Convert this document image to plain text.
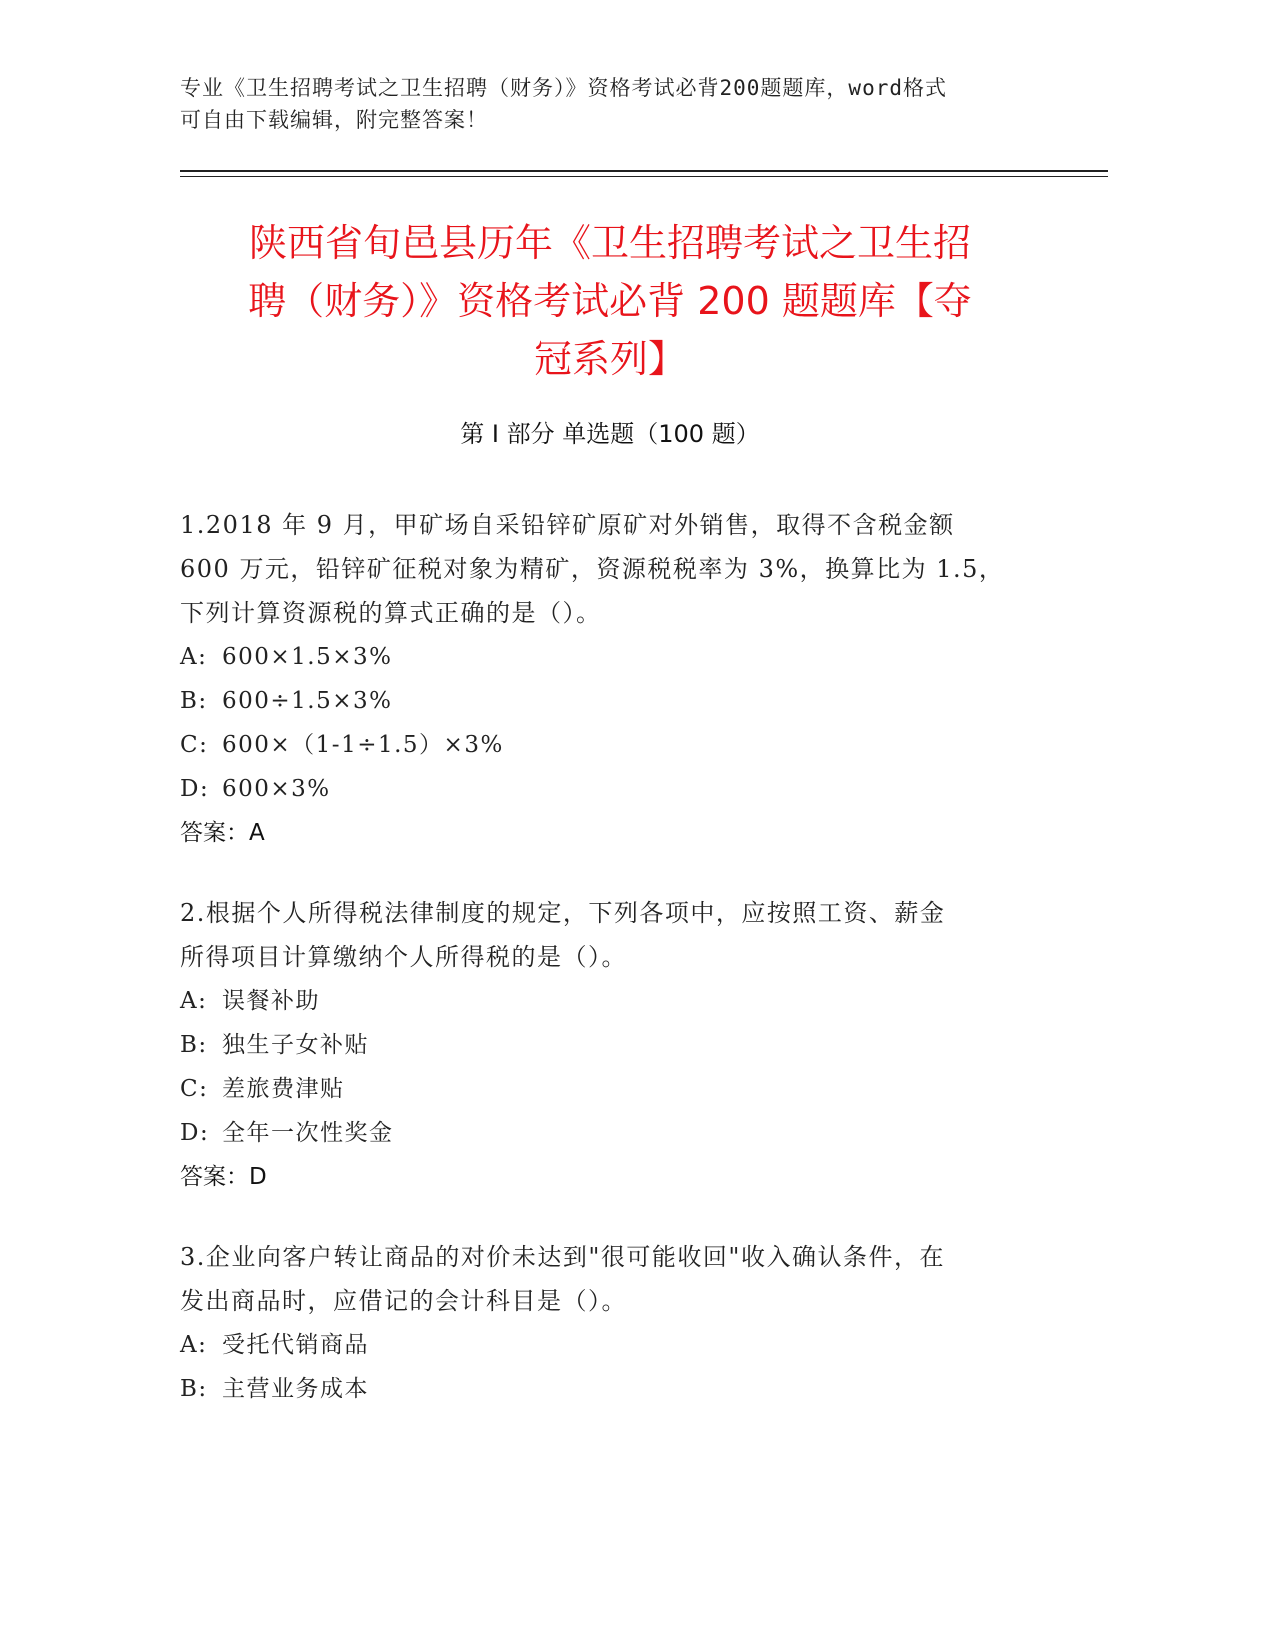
专业《卫生招聘考试之卫生招聘（财务）》资格考试必背200题题库，word格式
可自由下载编辑，附完整答案！
陕西省旬邑县历年《卫生招聘考试之卫生招
聘（财务）》资格考试必背 200 题题库【夺
冠系列】
第 I 部分 单选题（100 题）
1.2018 年 9 月，甲矿场自采铅锌矿原矿对外销售，取得不含税金额
600 万元，铅锌矿征税对象为精矿，资源税税率为 3%，换算比为 1.5，
下列计算资源税的算式正确的是（）。
A: 600×1.5×3%
B: 600÷1.5×3%
C: 600×（1-1÷1.5）×3%
D: 600×3%
答案：A
2.根据个人所得税法律制度的规定，下列各项中，应按照工资、薪金
所得项目计算缴纳个人所得税的是（）。
A: 误餐补助
B: 独生子女补贴
C: 差旅费津贴
D: 全年一次性奖金
答案：D
3.企业向客户转让商品的对价未达到"很可能收回"收入确认条件，在
发出商品时，应借记的会计科目是（）。
A: 受托代销商品
B: 主营业务成本
